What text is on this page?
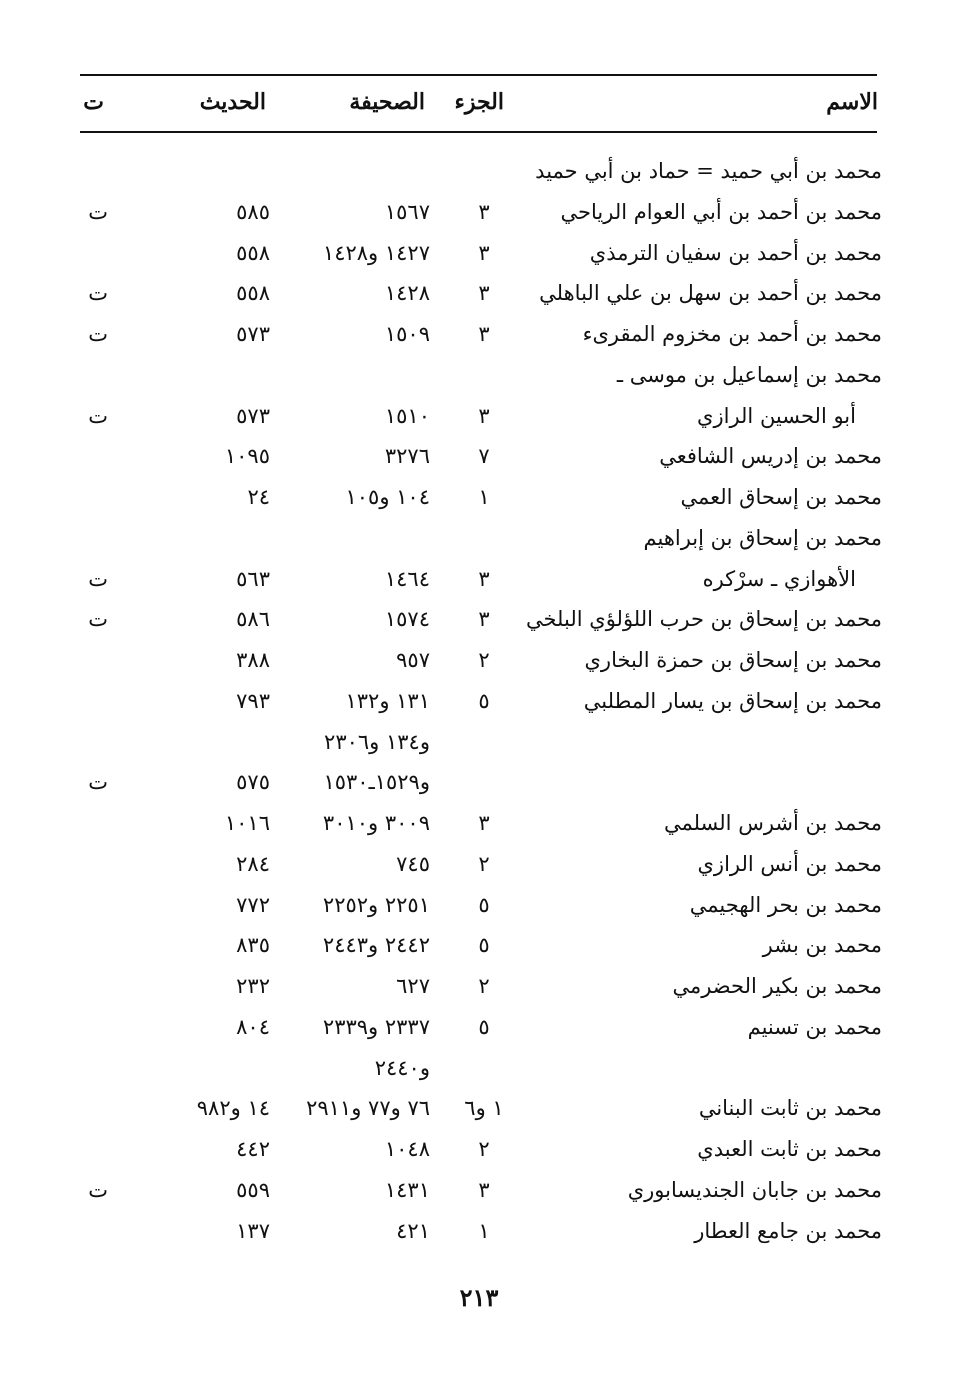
الاسم
الجزء
الصحيفة
الحديث
ت
محمد بن أبي حميد = حماد بن أبي حميد
محمد بن أحمد بن أبي العوام الرياحي
٣
١٥٦٧
٥٨٥
ت
محمد بن أحمد بن سفيان الترمذي
٣
١٤٢٧ و١٤٢٨
٥٥٨
محمد بن أحمد بن سهل بن علي الباهلي
٣
١٤٢٨
٥٥٨
ت
محمد بن أحمد بن مخزوم المقرىء
٣
١٥٠٩
٥٧٣
ت
محمد بن إسماعيل بن موسى ـ
أبو الحسين الرازي
٣
١٥١٠
٥٧٣
ت
محمد بن إدريس الشافعي
٧
٣٢٧٦
١٠٩٥
محمد بن إسحاق العمي
١
١٠٤ و١٠٥
٢٤
محمد بن إسحاق بن إبراهيم
الأهوازي ـ سرْكره
٣
١٤٦٤
٥٦٣
ت
محمد بن إسحاق بن حرب اللؤلؤي البلخي
٣
١٥٧٤
٥٨٦
ت
محمد بن إسحاق بن حمزة البخاري
٢
٩٥٧
٣٨٨
محمد بن إسحاق بن يسار المطلبي
٥
١٣١ و١٣٢
٧٩٣
و١٣٤ و٢٣٠٦
و١٥٢٩ـ١٥٣٠
٥٧٥
ت
محمد بن أشرس السلمي
٣
٣٠٠٩ و٣٠١٠
١٠١٦
محمد بن أنس الرازي
٢
٧٤٥
٢٨٤
محمد بن بحر الهجيمي
٥
٢٢٥١ و٢٢٥٢
٧٧٢
محمد بن بشر
٥
٢٤٤٢ و٢٤٤٣
٨٣٥
محمد بن بكير الحضرمي
٢
٦٢٧
٢٣٢
محمد بن تسنيم
٥
٢٣٣٧ و٢٣٣٩
٨٠٤
و٢٤٤٠
محمد بن ثابت البناني
١ و٦
٧٦ و٧٧ و٢٩١١
١٤ و٩٨٢
محمد بن ثابت العبدي
٢
١٠٤٨
٤٤٢
محمد بن جابان الجنديسابوري
٣
١٤٣١
٥٥٩
ت
محمد بن جامع العطار
١
٤٢١
١٣٧
٢١٣
